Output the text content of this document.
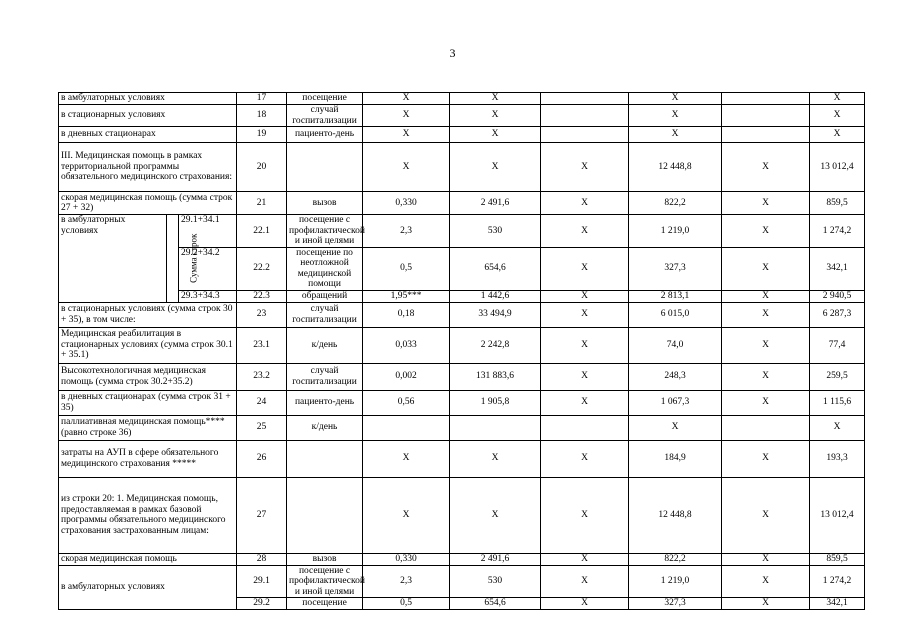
3
в амбулаторных условиях			17	посещение	X	X		X		X	
в стационарных условиях			18	случай госпитализации	X	X		X		X	
в дневных стационарах			19	пациенто-день	X	X		X		X	
III. Медицинская помощь в рамках территориальной программы обязательного медицинского страхования:			20		X	X	X	12 448,8	X	13 012,4	
скорая медицинская помощь (сумма строк 27 + 32)			21	вызов	0,330	2 491,6	X	822,2	X	859,5	
в амбулаторных условиях	Сумма строк	29.1+34.1	22.1	посещение с профилактической и иной целями	2,3	530	X	1 219,0	X	1 274,2	
		29.2+34.2	22.2	посещение по неотложной медицинской помощи	0,5	654,6	X	327,3	X	342,1	
		29.3+34.3	22.3	обращений	1,95***	1 442,6	X	2 813,1	X	2 940,5	
в стационарных условиях (сумма строк 30 + 35), в том числе:			23	случай госпитализации	0,18	33 494,9	X	6 015,0	X	6 287,3	
Медицинская реабилитация в стационарных условиях (сумма строк 30.1 + 35.1)			23.1	к/день	0,033	2 242,8	X	74,0	X	77,4	
Высокотехнологичная медицинская помощь (сумма строк 30.2+35.2)			23.2	случай госпитализации	0,002	131 883,6	X	248,3	X	259,5	
в дневных стационарах (сумма строк 31 + 35)			24	пациенто-день	0,56	1 905,8	X	1 067,3	X	1 115,6	
паллиативная медицинская помощь**** (равно строке 36)			25	к/день				X		X	
затраты на АУП в сфере обязательного медицинского страхования *****			26		X	X	X	184,9	X	193,3	
из строки 20: 1. Медицинская помощь, предоставляемая в рамках базовой программы обязательного медицинского страхования застрахованным лицам:			27		X	X	X	12 448,8	X	13 012,4	
скорая медицинская помощь			28	вызов	0,330	2 491,6	X	822,2	X	859,5	
в амбулаторных условиях			29.1	посещение с профилактической и иной целями	2,3	530	X	1 219,0	X	1 274,2	
			29.2	посещение	0,5	654,6	X	327,3	X	342,1	
